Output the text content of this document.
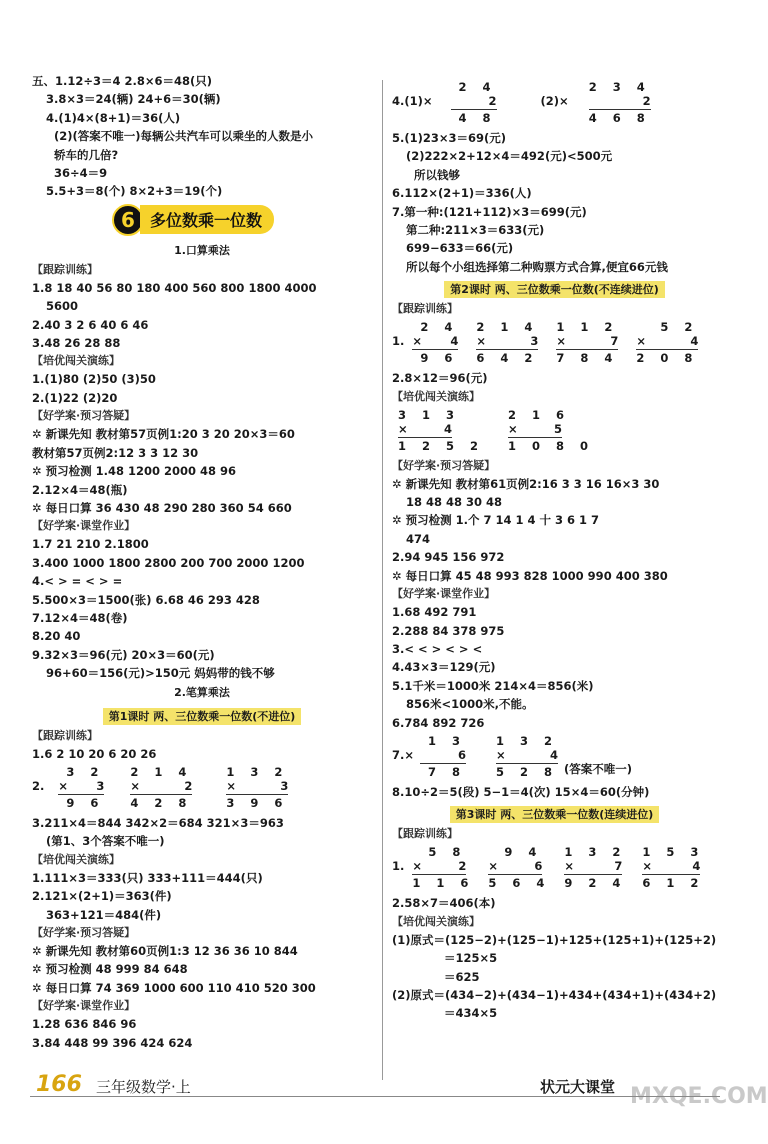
五、1.12÷3＝4 2.8×6＝48(只)
3.8×3＝24(辆) 24+6＝30(辆)
4.(1)4×(8+1)＝36(人)
(2)(答案不唯一)每辆公共汽车可以乘坐的人数是小
轿车的几倍?
36÷4＝9
5.5+3＝8(个) 8×2+3＝19(个)
6 多位数乘一位数
1.口算乘法
【跟踪训练】
1.8 18 40 56 80 180 400 560 800 1800 4000
5600
2.40 3 2 6 40 6 46
3.48 26 28 88
【培优闯关演练】
1.(1)80 (2)50 (3)50
2.(1)22 (2)20
【好学案·预习答疑】
✲ 新课先知 教材第57页例1:20 3 20 20×3＝60
教材第57页例2:12 3 3 12 30
✲ 预习检测 1.48 1200 2000 48 96
2.12×4＝48(瓶)
✲ 每日口算 36 430 48 290 280 360 54 660
【好学案·课堂作业】
1.7 21 210 2.1800
3.400 1000 1800 2800 200 700 2000 1200
4.< > = < > =
5.500×3＝1500(张) 6.68 46 293 428
7.12×4＝48(卷)
8.20 40
9.32×3＝96(元) 20×3＝60(元)
96+60＝156(元)>150元 妈妈带的钱不够
2.笔算乘法
第1课时 两、三位数乘一位数(不进位)
【跟踪训练】
1.6 2 10 20 6 20 26
2.
3 2
× 3
9 6
2 1 4
×	2
4 2 8
1 3 2
×	3
3 9 6
3.211×4＝844 342×2＝684 321×3＝963
(第1、3个答案不唯一)
【培优闯关演练】
1.111×3＝333(只) 333+111＝444(只)
2.121×(2+1)＝363(件)
363+121＝484(件)
【好学案·预习答疑】
✲ 新课先知 教材第60页例1:3 12 36 36 10 844
✲ 预习检测 48 999 84 648
✲ 每日口算 74 369 1000 600 110 410 520 300
【好学案·课堂作业】
1.28 636 846 96
3.84 448 99 396 424 624
4.(1)×
2 4
2
4 8
(2)×
2 3 4
2
4 6 8
5.(1)23×3＝69(元)
(2)222×2+12×4＝492(元)<500元
所以钱够
6.112×(2+1)＝336(人)
7.第一种:(121+112)×3＝699(元)
第二种:211×3＝633(元)
699−633＝66(元)
所以每个小组选择第二种购票方式合算,便宜66元钱
第2课时 两、三位数乘一位数(不连续进位)
【跟踪训练】
1.
2 4
× 4
9 6
2 1 4
×	3
6 4 2
1 1 2
×	7
7 8 4
5 2
×	4
2 0 8
2.8×12＝96(元)
【培优闯关演练】
3 1 3
×	4
1 2 5 2
2 1 6
×	5
1 0 8 0
【好学案·预习答疑】
✲ 新课先知 教材第61页例2:16 3 3 16 16×3 30
18 48 48 30 48
✲ 预习检测 1.个 7 14 1 4 十 3 6 1 7
474
2.94 945 156 972
✲ 每日口算 45 48 993 828 1000 990 400 380
【好学案·课堂作业】
1.68 492 791
2.288 84 378 975
3.< < > < > <
4.43×3＝129(元)
5.1千米＝1000米 214×4＝856(米)
856米<1000米,不能。
6.784 892 726
7.×
1 3
6
7 8
1 3 2
×	4
5 2 8 (答案不唯一)
8.10÷2＝5(段) 5−1＝4(次) 15×4＝60(分钟)
第3课时 两、三位数乘一位数(连续进位)
【跟踪训练】
1.
5 8
×	2
1 1 6
9 4
×	6
5 6 4
1 3 2
×	7
9 2 4
1 5 3
×	4
6 1 2
2.58×7＝406(本)
【培优闯关演练】
(1)原式＝(125−2)+(125−1)+125+(125+1)+(125+2)
＝125×5
＝625
(2)原式＝(434−2)+(434−1)+434+(434+1)+(434+2)
＝434×5
166 三年级数学·上	状元大课堂 MXQE.COM
